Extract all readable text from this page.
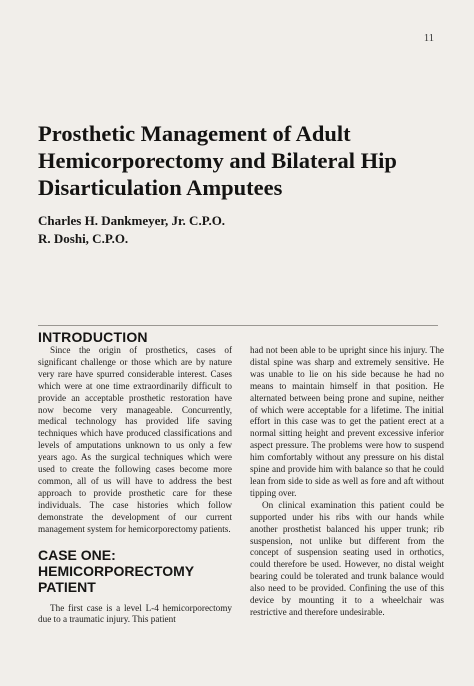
11
Prosthetic Management of Adult Hemicorporectomy and Bilateral Hip Disarticulation Amputees
Charles H. Dankmeyer, Jr. C.P.O.
R. Doshi, C.P.O.
INTRODUCTION

Since the origin of prosthetics, cases of significant challenge or those which are by nature very rare have spurred considerable interest. Cases which were at one time extraordinarily difficult to provide an acceptable prosthetic restoration have now become very manageable. Concurrently, medical technology has provided life saving techniques which have produced classifications and levels of amputations unknown to us only a few years ago. As the surgical techniques which were used to create the following cases become more common, all of us will have to address the best approach to provide prosthetic care for these individuals. The case histories which follow demonstrate the development of our current management system for hemicorporectomy patients.

CASE ONE:
HEMICORPORECTOMY
PATIENT

The first case is a level L-4 hemicorporectomy due to a traumatic injury. This patient

had not been able to be upright since his injury. The distal spine was sharp and extremely sensitive. He was unable to lie on his side because he had no means to maintain himself in that position. He alternated between being prone and supine, neither of which were acceptable for a lifetime. The initial effort in this case was to get the patient erect at a normal sitting height and prevent excessive inferior aspect pressure. The problems were how to suspend him comfortably without any pressure on his distal spine and provide him with balance so that he could lean from side to side as well as fore and aft without tipping over.

On clinical examination this patient could be supported under his ribs with our hands while another prosthetist balanced his upper trunk; rib suspension, not unlike but different from the concept of suspension seating used in orthotics, could therefore be used. However, no distal weight bearing could be tolerated and trunk balance would also need to be provided. Confining the use of this device by mounting it to a wheelchair was restrictive and therefore undesirable.
